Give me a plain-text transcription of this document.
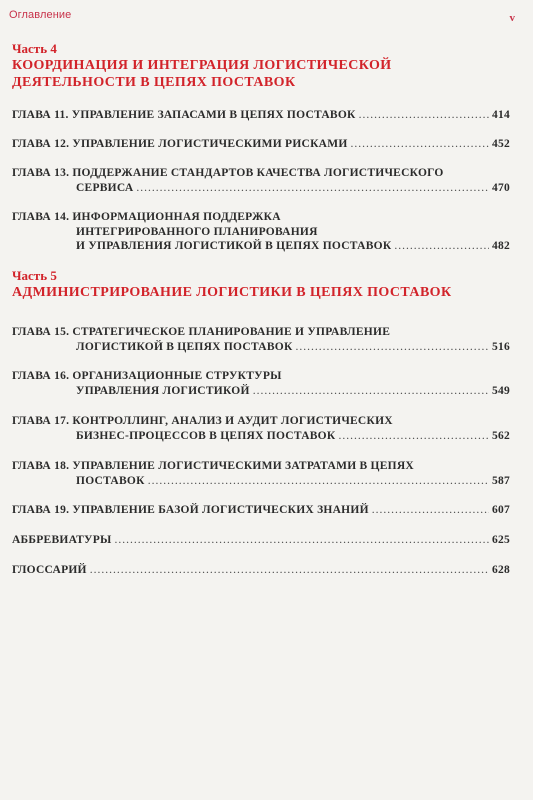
Оглавление	v
Часть 4
КООРДИНАЦИЯ И ИНТЕГРАЦИЯ ЛОГИСТИЧЕСКОЙ
ДЕЯТЕЛЬНОСТИ В ЦЕПЯХ ПОСТАВОК
ГЛАВА 11. УПРАВЛЕНИЕ ЗАПАСАМИ В ЦЕПЯХ ПОСТАВОК .....	414
ГЛАВА 12. УПРАВЛЕНИЕ ЛОГИСТИЧЕСКИМИ РИСКАМИ .....	452
ГЛАВА 13. ПОДДЕРЖАНИЕ СТАНДАРТОВ КАЧЕСТВА ЛОГИСТИЧЕСКОГО
СЕРВИСА .....	470
ГЛАВА 14. ИНФОРМАЦИОННАЯ ПОДДЕРЖКА
ИНТЕГРИРОВАННОГО ПЛАНИРОВАНИЯ
И УПРАВЛЕНИЯ ЛОГИСТИКОЙ В ЦЕПЯХ ПОСТАВОК .....	482
Часть 5
АДМИНИСТРИРОВАНИЕ ЛОГИСТИКИ В ЦЕПЯХ ПОСТАВОК
ГЛАВА 15. СТРАТЕГИЧЕСКОЕ ПЛАНИРОВАНИЕ И УПРАВЛЕНИЕ
ЛОГИСТИКОЙ В ЦЕПЯХ ПОСТАВОК .....	516
ГЛАВА 16. ОРГАНИЗАЦИОННЫЕ СТРУКТУРЫ
УПРАВЛЕНИЯ ЛОГИСТИКОЙ .....	549
ГЛАВА 17. КОНТРОЛЛИНГ, АНАЛИЗ И АУДИТ ЛОГИСТИЧЕСКИХ
БИЗНЕС-ПРОЦЕССОВ В ЦЕПЯХ ПОСТАВОК .....	562
ГЛАВА 18. УПРАВЛЕНИЕ ЛОГИСТИЧЕСКИМИ ЗАТРАТАМИ В ЦЕПЯХ
ПОСТАВОК .....	587
ГЛАВА 19. УПРАВЛЕНИЕ БАЗОЙ ЛОГИСТИЧЕСКИХ ЗНАНИЙ .....	607
АББРЕВИАТУРЫ .....	625
ГЛОССАРИЙ .....	628
